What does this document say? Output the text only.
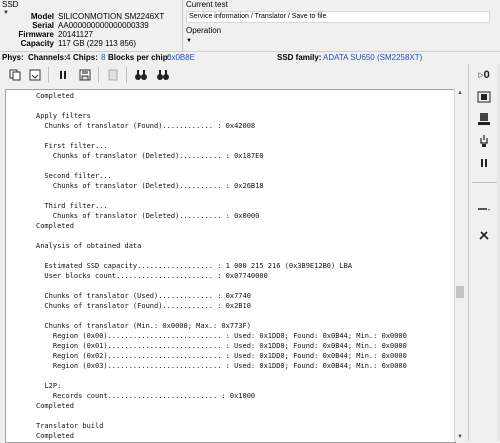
SSD
▼	Model SILICONMOTION SM2246XT
Serial AA000000000000000339
Firmware 20141127
Capacity 117 GB (229 113 856)
Current test
Service information / Translator / Save to file
Operation
▼
Phys: Channels: 4 Chips: 8 Blocks per chip:
0x0B8E	SSD family: ADATA SU650 (SM2258XT)
Completed
Apply filters
Chunks of translator (Found)............ : 0x42008
First filter...
Chunks of translator (Deleted).......... : 0x187E0
Second filter...
Chunks of translator (Deleted).......... : 0x26B18
Third filter...
Chunks of translator (Deleted).......... : 0x0000
Completed
Analysis of obtained data
Estimated SSD capacity.................. : 1 000 215 216 (0x3B9E12B0) LBA
User blocks count....................... : 0x07740000
Chunks of translator (Used)............. : 0x7740
Chunks of translator (Found)............ : 0x2B10
Chunks of translator (Min.: 0x0000; Max.: 0x773F)
Region (0x00)........................... : Used: 0x1DD0; Found: 0x0B44; Min.: 0x0000
Region (0x01)........................... : Used: 0x1DD0; Found: 0x0B44; Min.: 0x0000
Region (0x02)........................... : Used: 0x1DD0; Found: 0x0B44; Min.: 0x0000
Region (0x03)........................... : Used: 0x1DD0; Found: 0x0B44; Min.: 0x0000
L2P:
Records count.......................... : 0x1000
Completed
Translator build
Completed
▲
▼
▷ 0
